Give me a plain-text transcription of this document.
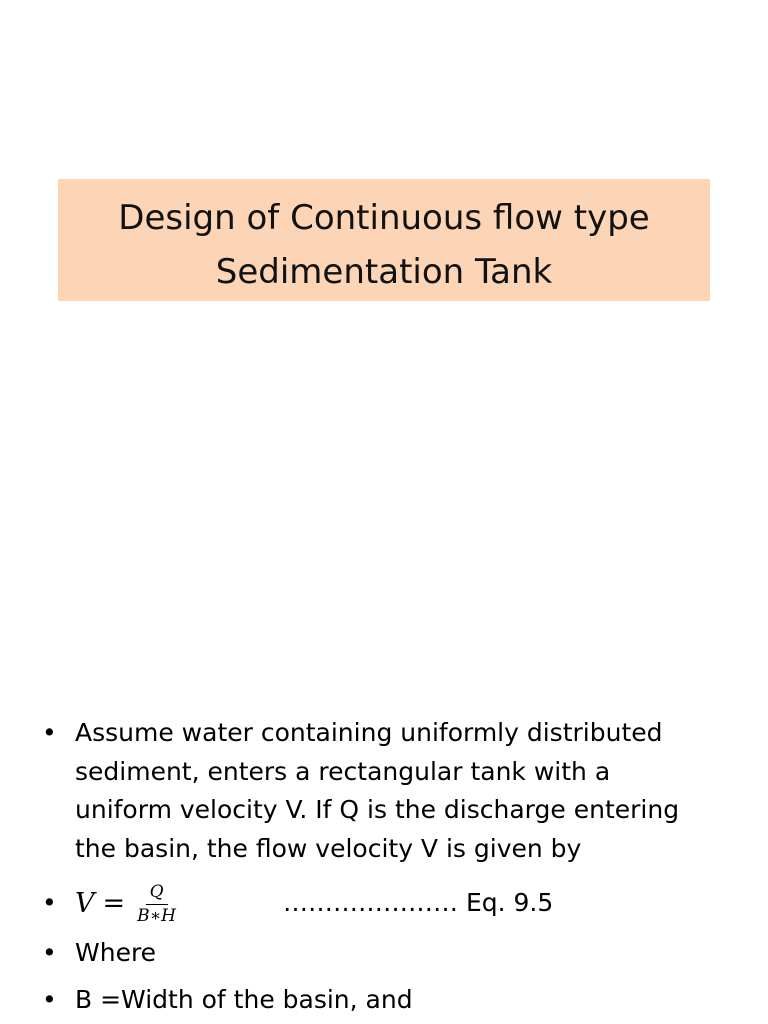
Design of Continuous flow type
Sedimentation Tank
• Assume water containing uniformly distributed
sediment, enters a rectangular tank with a
uniform velocity V. If Q is the discharge entering
the basin, the flow velocity V is given by
• $V = \frac{Q}{B∗H}$	………………… Eq. 9.5
• Where
• B =Width of the basin, and
